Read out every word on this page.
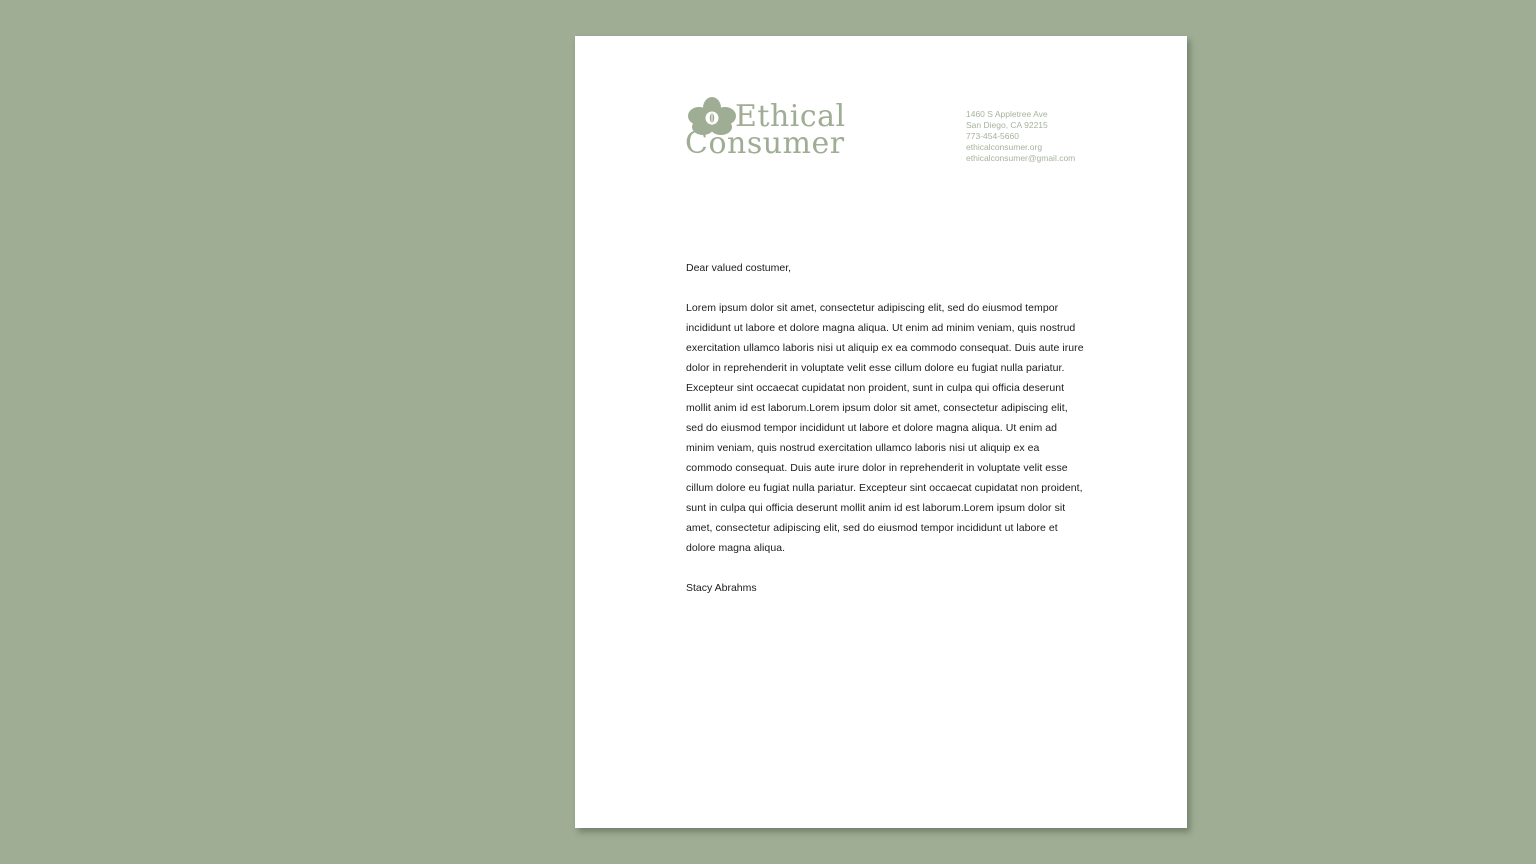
Ethical
Consumer
1460 S Appletree Ave
San Diego, CA 92215
773-454-5660
ethicalconsumer.org
ethicalconsumer@gmail.com

Dear valued costumer,

Lorem ipsum dolor sit amet, consectetur adipiscing elit, sed do eiusmod tempor incididunt ut labore et dolore magna aliqua. Ut enim ad minim veniam, quis nostrud exercitation ullamco laboris nisi ut aliquip ex ea commodo consequat. Duis aute irure dolor in reprehenderit in voluptate velit esse cillum dolore eu fugiat nulla pariatur. Excepteur sint occaecat cupidatat non proident, sunt in culpa qui officia deserunt mollit anim id est laborum.Lorem ipsum dolor sit amet, consectetur adipiscing elit, sed do eiusmod tempor incididunt ut labore et dolore magna aliqua. Ut enim ad minim veniam, quis nostrud exercitation ullamco laboris nisi ut aliquip ex ea commodo consequat. Duis aute irure dolor in reprehenderit in voluptate velit esse cillum dolore eu fugiat nulla pariatur. Excepteur sint occaecat cupidatat non proident, sunt in culpa qui officia deserunt mollit anim id est laborum.Lorem ipsum dolor sit amet, consectetur adipiscing elit, sed do eiusmod tempor incididunt ut labore et dolore magna aliqua.

Stacy Abrahms
